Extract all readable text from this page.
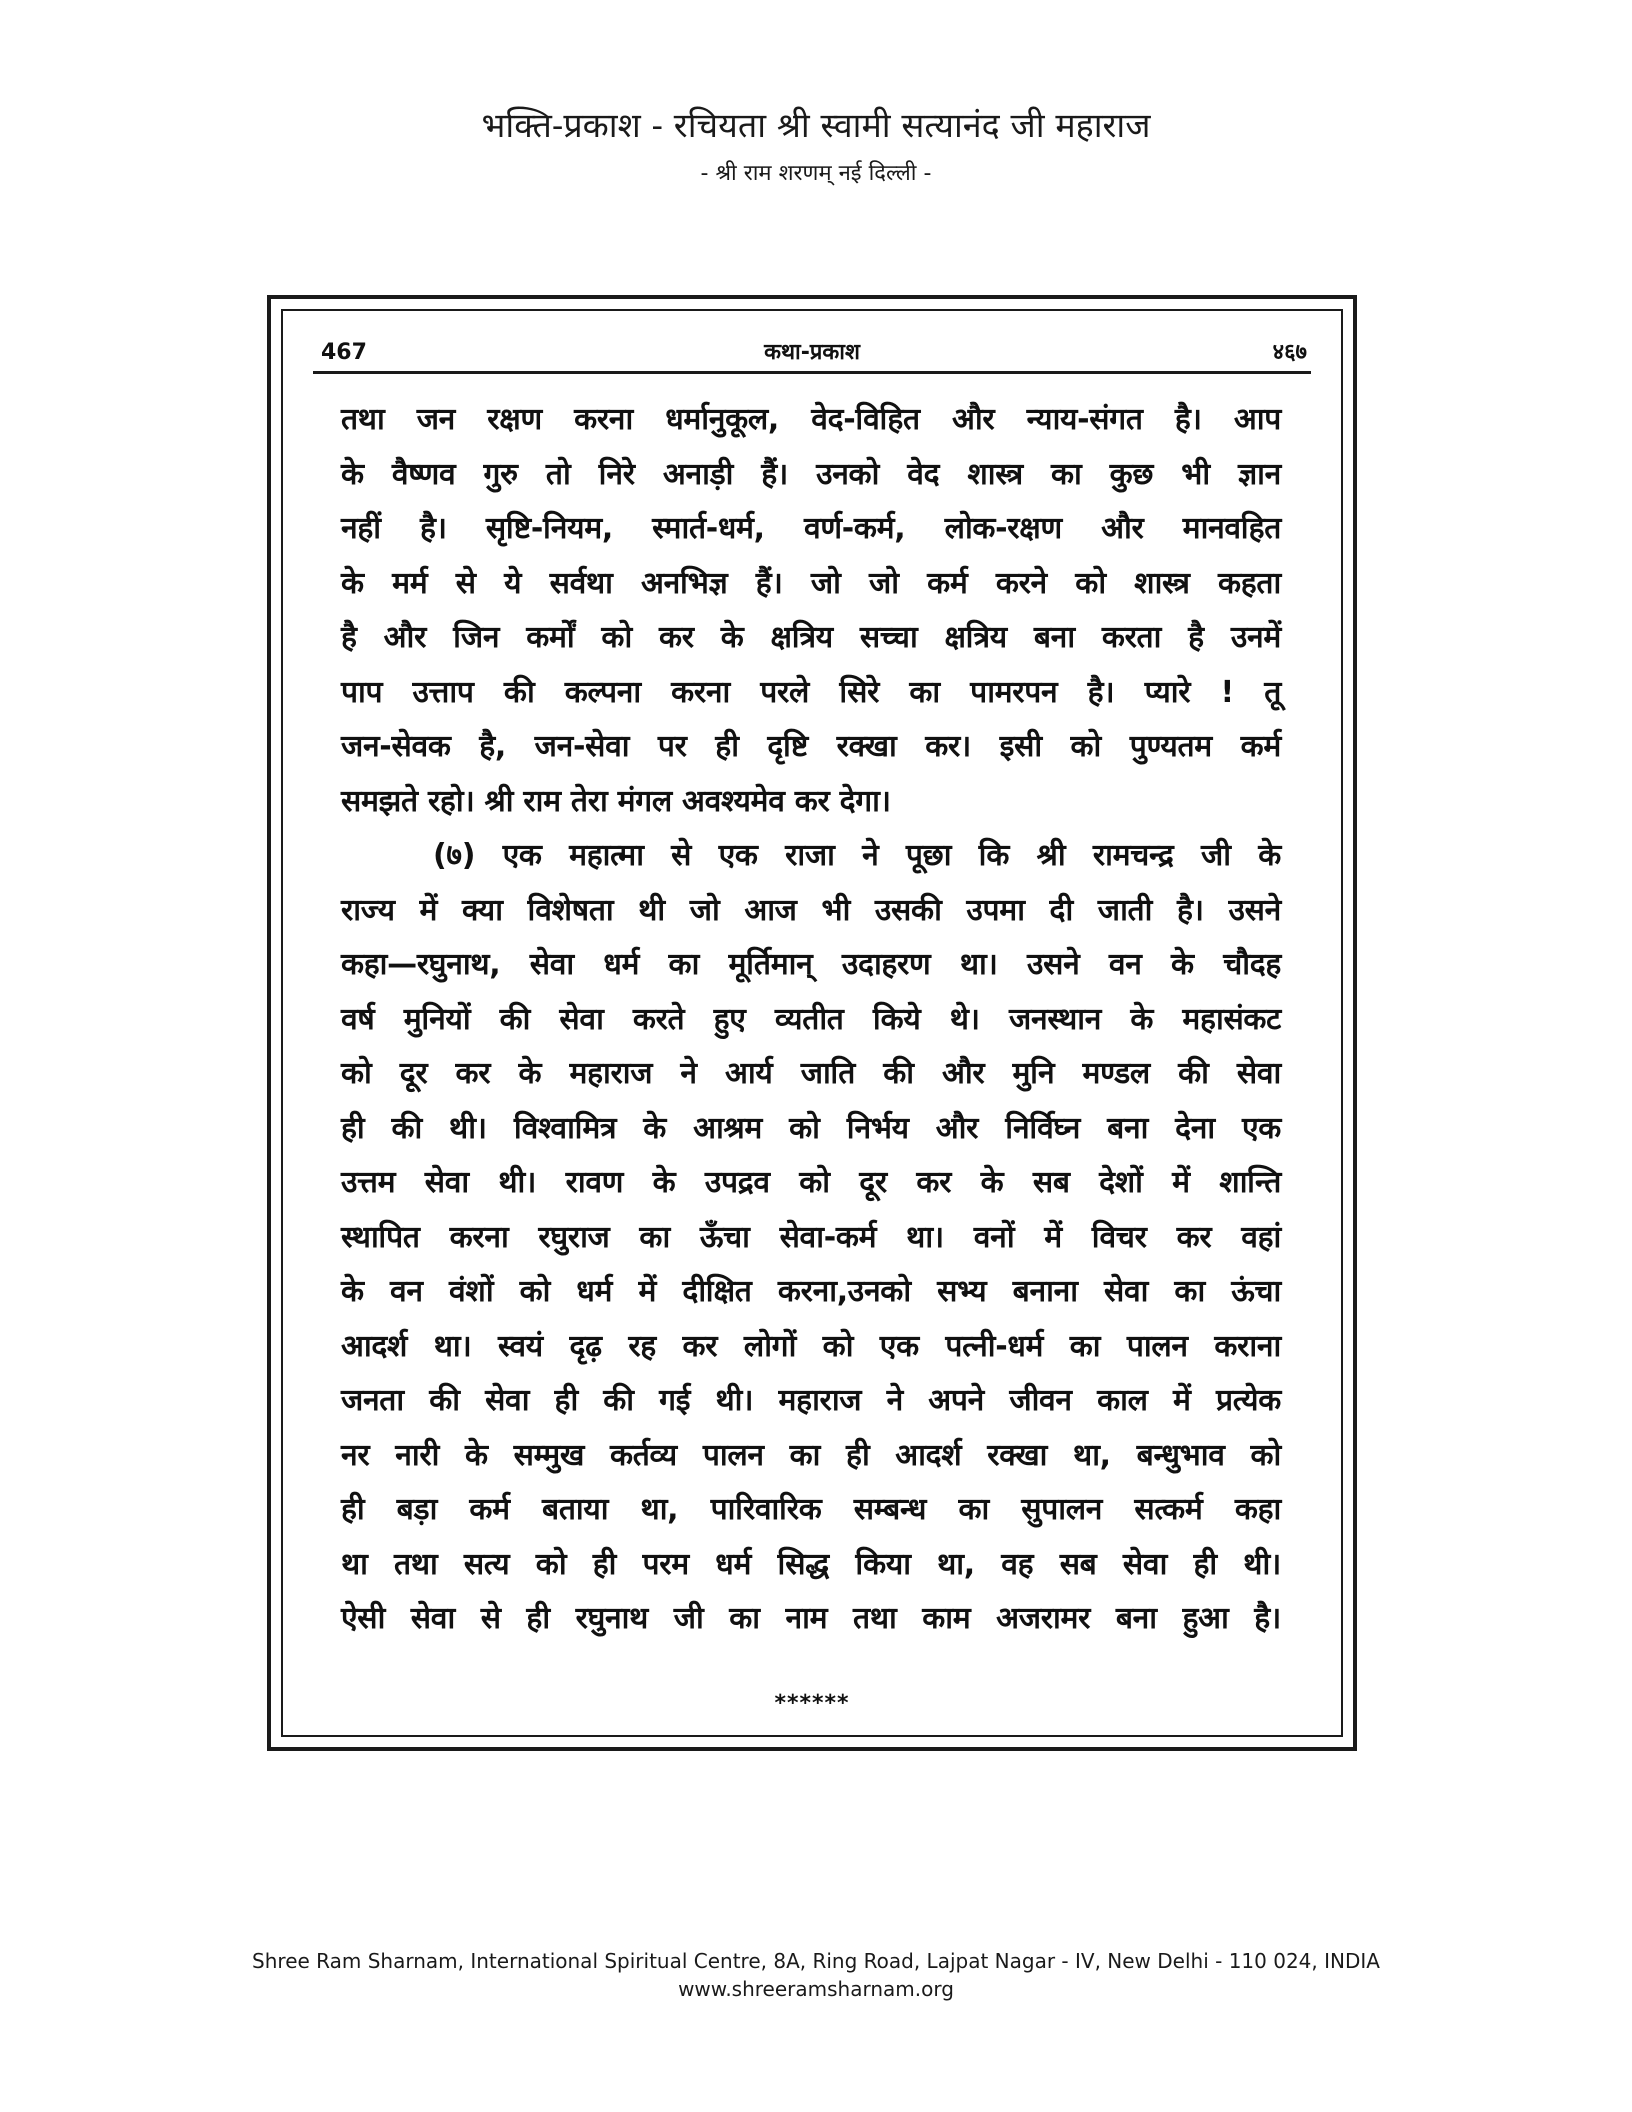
भक्ति-प्रकाश - रचियता श्री स्वामी सत्यानंद जी महाराज
- श्री राम शरणम् नई दिल्ली -
467	कथा-प्रकाश	४६७
तथा जन रक्षण करना धर्मानुकूल, वेद-विहित और न्याय-संगत है। आप
के वैष्णव गुरु तो निरे अनाड़ी हैं। उनको वेद शास्त्र का कुछ भी ज्ञान
नहीं है। सृष्टि-नियम, स्मार्त-धर्म, वर्ण-कर्म, लोक-रक्षण और मानवहित
के मर्म से ये सर्वथा अनभिज्ञ हैं। जो जो कर्म करने को शास्त्र कहता
है और जिन कर्मों को कर के क्षत्रिय सच्चा क्षत्रिय बना करता है उनमें
पाप उत्ताप की कल्पना करना परले सिरे का पामरपन है। प्यारे ! तू
जन-सेवक है, जन-सेवा पर ही दृष्टि रक्खा कर। इसी को पुण्यतम कर्म
समझते रहो। श्री राम तेरा मंगल अवश्यमेव कर देगा।
(७) एक महात्मा से एक राजा ने पूछा कि श्री रामचन्द्र जी के
राज्य में क्या विशेषता थी जो आज भी उसकी उपमा दी जाती है। उसने
कहा—रघुनाथ, सेवा धर्म का मूर्तिमान् उदाहरण था। उसने वन के चौदह
वर्ष मुनियों की सेवा करते हुए व्यतीत किये थे। जनस्थान के महासंकट
को दूर कर के महाराज ने आर्य जाति की और मुनि मण्डल की सेवा
ही की थी। विश्वामित्र के आश्रम को निर्भय और निर्विघ्न बना देना एक
उत्तम सेवा थी। रावण के उपद्रव को दूर कर के सब देशों में शान्ति
स्थापित करना रघुराज का ऊँचा सेवा-कर्म था। वनों में विचर कर वहां
के वन वंशों को धर्म में दीक्षित करना,उनको सभ्य बनाना सेवा का ऊंचा
आदर्श था। स्वयं दृढ़ रह कर लोगों को एक पत्नी-धर्म का पालन कराना
जनता की सेवा ही की गई थी। महाराज ने अपने जीवन काल में प्रत्येक
नर नारी के सम्मुख कर्तव्य पालन का ही आदर्श रक्खा था, बन्धुभाव को
ही बड़ा कर्म बताया था, पारिवारिक सम्बन्ध का सुपालन सत्कर्म कहा
था तथा सत्य को ही परम धर्म सिद्ध किया था, वह सब सेवा ही थी।
ऐसी सेवा से ही रघुनाथ जी का नाम तथा काम अजरामर बना हुआ है।
******
Shree Ram Sharnam, International Spiritual Centre, 8A, Ring Road, Lajpat Nagar - IV, New Delhi - 110 024, INDIA
www.shreeramsharnam.org
